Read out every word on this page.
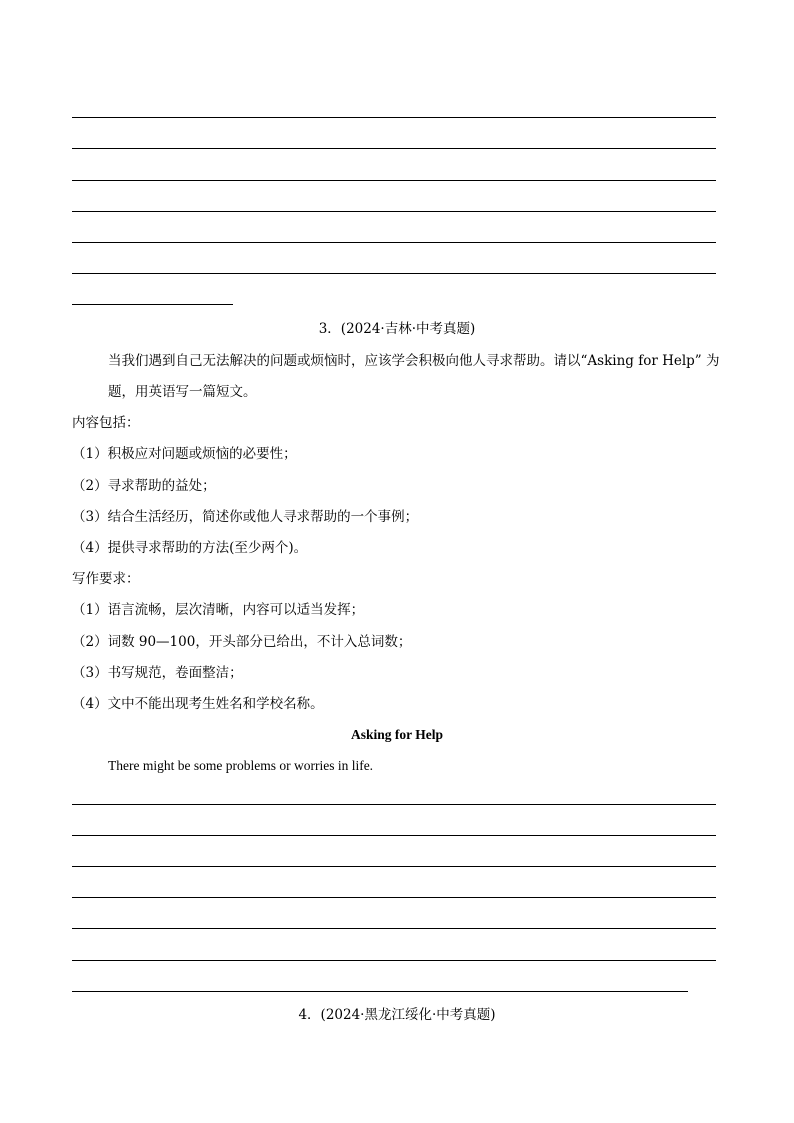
3．(2024·吉林·中考真题)
当我们遇到自己无法解决的问题或烦恼时，应该学会积极向他人寻求帮助。请以“Asking for Help” 为
题，用英语写一篇短文。
内容包括：
（1）积极应对问题或烦恼的必要性；
（2）寻求帮助的益处；
（3）结合生活经历，简述你或他人寻求帮助的一个事例；
（4）提供寻求帮助的方法(至少两个)。
写作要求：
（1）语言流畅，层次清晰，内容可以适当发挥；
（2）词数 90—100，开头部分已给出，不计入总词数；
（3）书写规范，卷面整洁；
（4）文中不能出现考生姓名和学校名称。
Asking for Help
There might be some problems or worries in life.
4．(2024·黑龙江绥化·中考真题)
